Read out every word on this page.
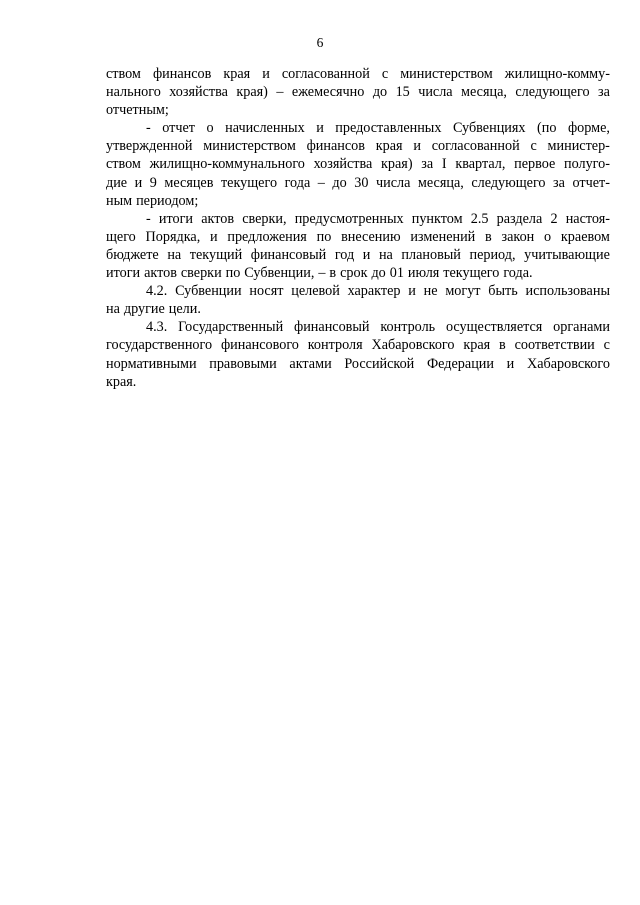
6
ством финансов края и согласованной с министерством жилищно-комму-
нального хозяйства края) – ежемесячно до 15 числа месяца, следующего за
отчетным;
- отчет о начисленных и предоставленных Субвенциях (по форме,
утвержденной министерством финансов края и согласованной с министер-
ством жилищно-коммунального хозяйства края) за I квартал, первое полуго-
дие и 9 месяцев текущего года – до 30 числа месяца, следующего за отчет-
ным периодом;
- итоги актов сверки, предусмотренных пунктом 2.5 раздела 2 настоя-
щего Порядка, и предложения по внесению изменений в закон о краевом
бюджете на текущий финансовый год и на плановый период, учитывающие
итоги актов сверки по Субвенции, – в срок до 01 июля текущего года.
4.2. Субвенции носят целевой характер и не могут быть использованы
на другие цели.
4.3. Государственный финансовый контроль осуществляется органами
государственного финансового контроля Хабаровского края в соответствии с
нормативными правовыми актами Российской Федерации и Хабаровского
края.
